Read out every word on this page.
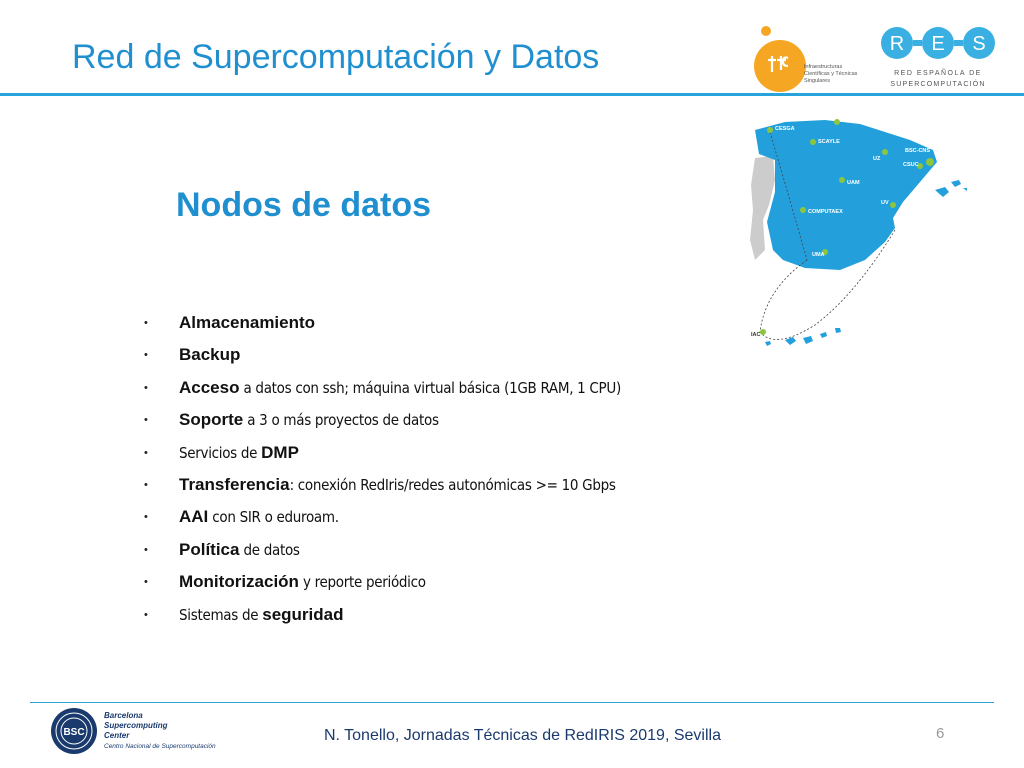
Red de Supercomputación y Datos	Infraestructuras
Científicas y Técnicas
Singulares
R E S
RED ESPAÑOLA DE
SUPERCOMPUTACIÓN
Nodos de datos
CESGA
UC
SCAYLE
BSC-CNS
UZ
CSUC
UAM
UV
COMPUTAEX
UMA
IAC
• Almacenamiento
• Backup
• Acceso a datos con ssh; máquina virtual básica (1GB RAM, 1 CPU)
• Soporte a 3 o más proyectos de datos
• Servicios de DMP
• Transferencia: conexión RedIris/redes autonómicas >= 10 Gbps
• AAI con SIR o eduroam.
• Política de datos
• Monitorización y reporte periódico
• Sistemas de seguridad
BSC
Barcelona
Supercomputing
Center
Centro Nacional de Supercomputación
N. Tonello, Jornadas Técnicas de RedIRIS 2019, Sevilla	6
